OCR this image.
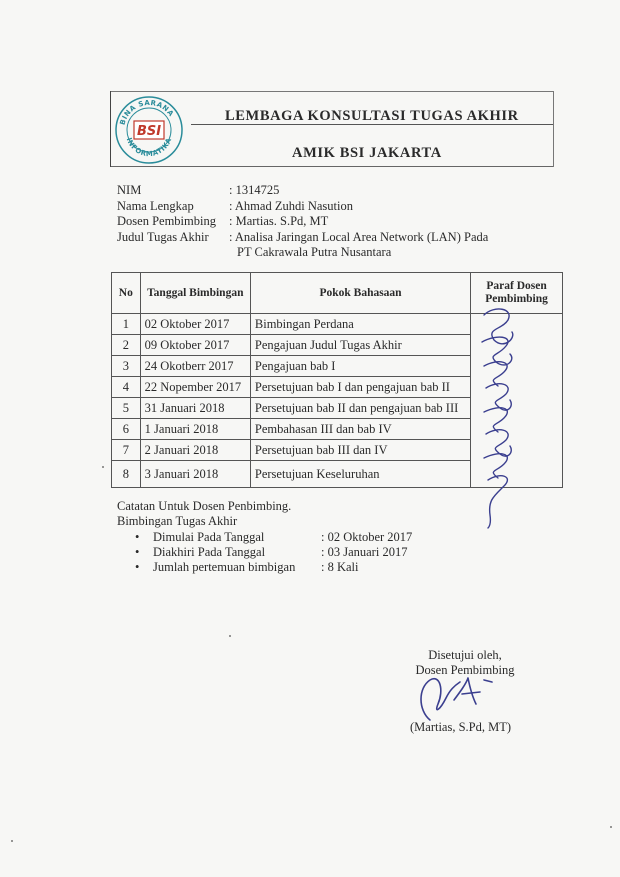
BINA SARANA
INFORMATIKA
BSI
LEMBAGA KONSULTASI TUGAS AKHIR
AMIK BSI JAKARTA
NIM	: 1314725
Nama Lengkap	: Ahmad Zuhdi Nasution
Dosen Pembimbing	: Martias. S.Pd, MT
Judul Tugas Akhir	: Analisa Jaringan Local Area Network (LAN) Pada
PT Cakrawala Putra Nusantara
No	Tanggal Bimbingan	Pokok Bahasaan	Paraf Dosen Pembimbing
1	02 Oktober 2017	Bimbingan Perdana	
2	09 Oktober 2017	Pengajuan Judul Tugas Akhir	
3	24 Okotberr 2017	Pengajuan bab I	
4	22 Nopember 2017	Persetujuan bab I dan pengajuan bab II	
5	31 Januari 2018	Persetujuan bab II dan pengajuan bab III	
6	1 Januari 2018	Pembahasan III dan bab IV	
7	2 Januari 2018	Persetujuan bab III dan IV	
8	3 Januari 2018	Persetujuan Keseluruhan	
Catatan Untuk Dosen Penbimbing.
Bimbingan Tugas Akhir
•	Dimulai Pada Tanggal	: 02 Oktober 2017
•	Diakhiri Pada Tanggal	: 03 Januari 2017
•	Jumlah pertemuan bimbigan	: 8 Kali
Disetujui oleh,
Dosen Pembimbing
(Martias, S.Pd, MT)
